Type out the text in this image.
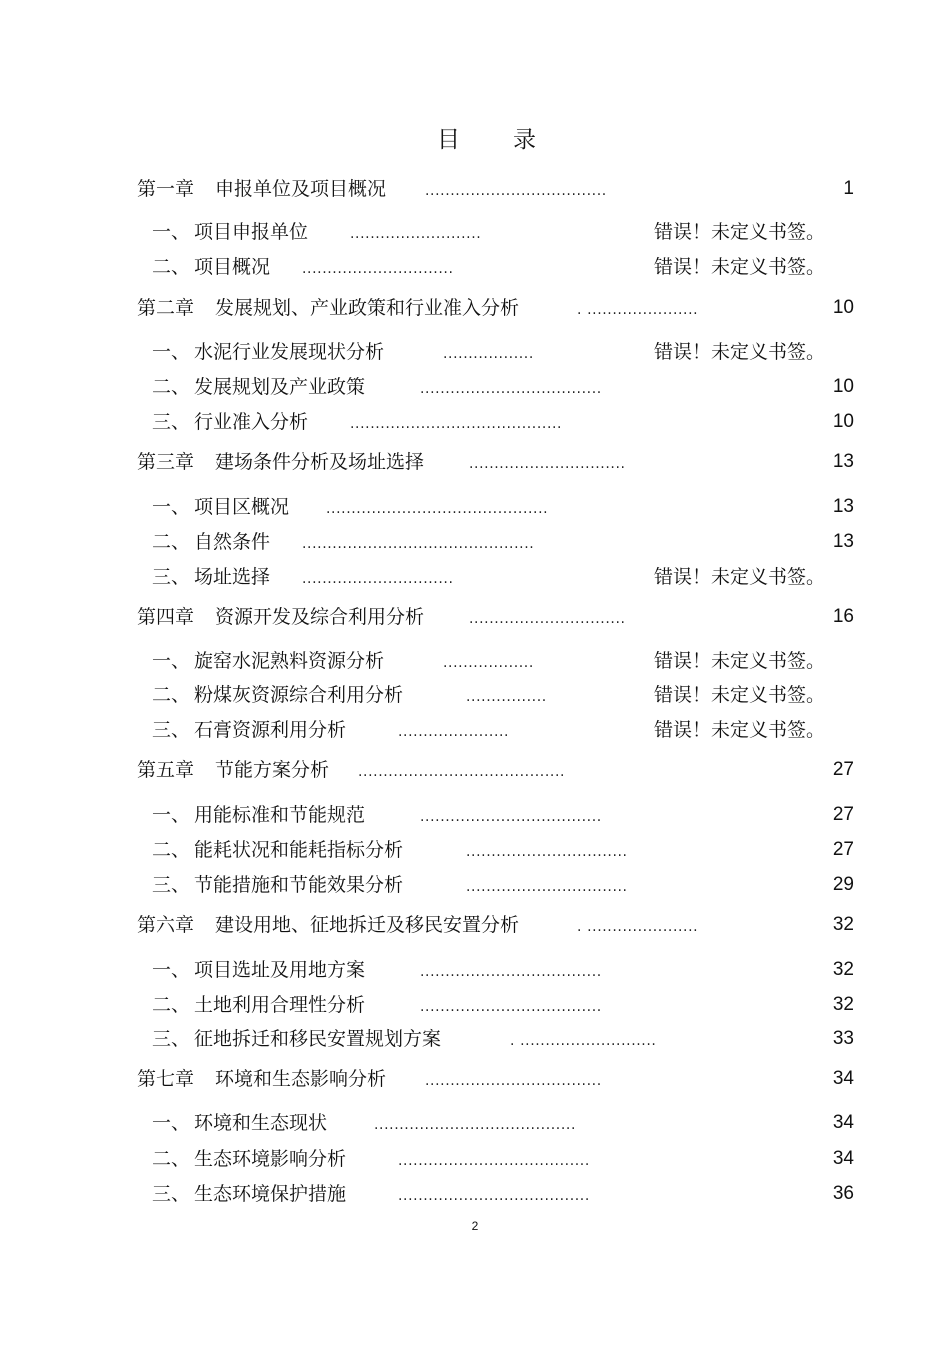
目 录
第一章 申报单位及项目概况	....................................	1
一、 项目申报单位	..........................	错误！未定义书签。
二、 项目概况 ..............................	错误！未定义书签。
第二章 发展规划、产业政策和行业准入分析	. ......................	10
一、 水泥行业发展现状分析	..................	错误！未定义书签。
二、 发展规划及产业政策	....................................	10
三、 行业准入分析	..........................................	10
第三章 建场条件分析及场址选择	...............................	13
一、 项目区概况	............................................	13
二、 自然条件 ..............................................	13
三、 场址选择 ..............................	错误！未定义书签。
第四章 资源开发及综合利用分析	...............................	16
一、 旋窑水泥熟料资源分析	..................	错误！未定义书签。
二、 粉煤灰资源综合利用分析	................	错误！未定义书签。
三、 石膏资源利用分析	......................	错误！未定义书签。
第五章 节能方案分析 .........................................	27
一、 用能标准和节能规范	....................................	27
二、 能耗状况和能耗指标分析	................................	27
三、 节能措施和节能效果分析	................................	29
第六章 建设用地、征地拆迁及移民安置分析	. ......................	32
一、 项目选址及用地方案	....................................	32
二、 土地利用合理性分析	....................................	32
三、 征地拆迁和移民安置规划方案	. ...........................	33
第七章 环境和生态影响分析	...................................	34
一、 环境和生态现状	........................................	34
二、 生态环境影响分析	......................................	34
三、 生态环境保护措施	......................................	36
2
